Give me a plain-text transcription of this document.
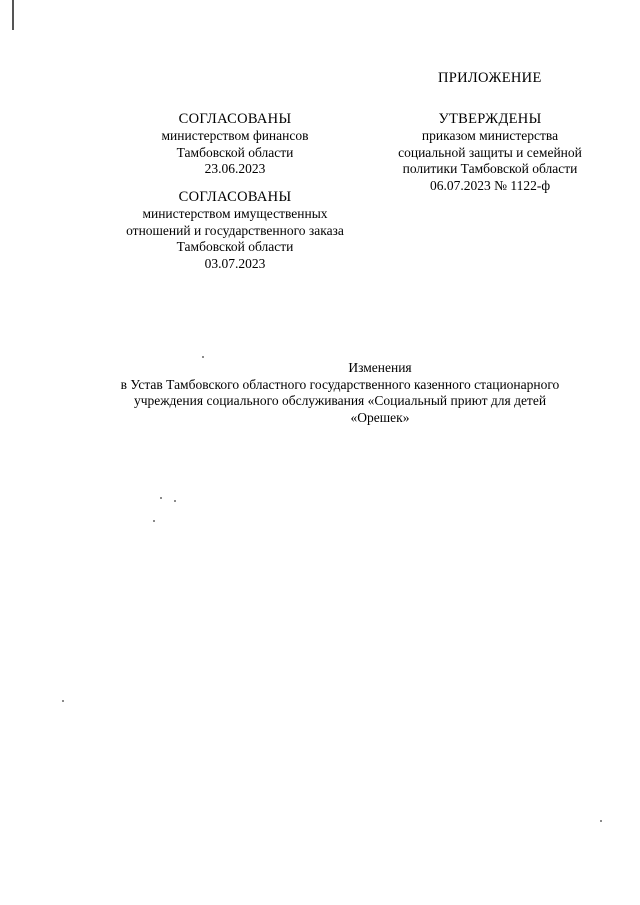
ПРИЛОЖЕНИЕ
УТВЕРЖДЕНЫ
приказом министерства
социальной защиты и семейной
политики Тамбовской области
06.07.2023 № 1122-ф
СОГЛАСОВАНЫ
министерством финансов
Тамбовской области
23.06.2023
СОГЛАСОВАНЫ
министерством имущественных
отношений и государственного заказа
Тамбовской области
03.07.2023
Изменения
в Устав Тамбовского областного государственного казенного стационарного
учреждения социального обслуживания «Социальный приют для детей
«Орешек»
